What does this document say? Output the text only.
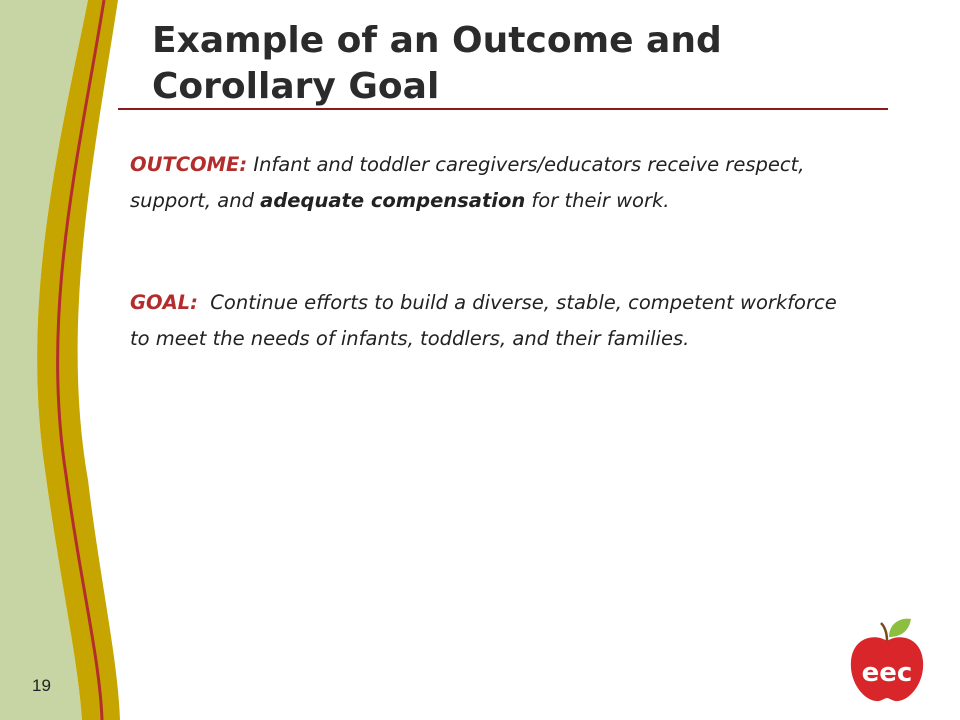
Example of an Outcome and Corollary Goal

OUTCOME: Infant and toddler caregivers/educators receive respect, support, and adequate compensation for their work.

GOAL:  Continue efforts to build a diverse, stable, competent workforce to meet the needs of infants, toddlers, and their families.

19	eec
